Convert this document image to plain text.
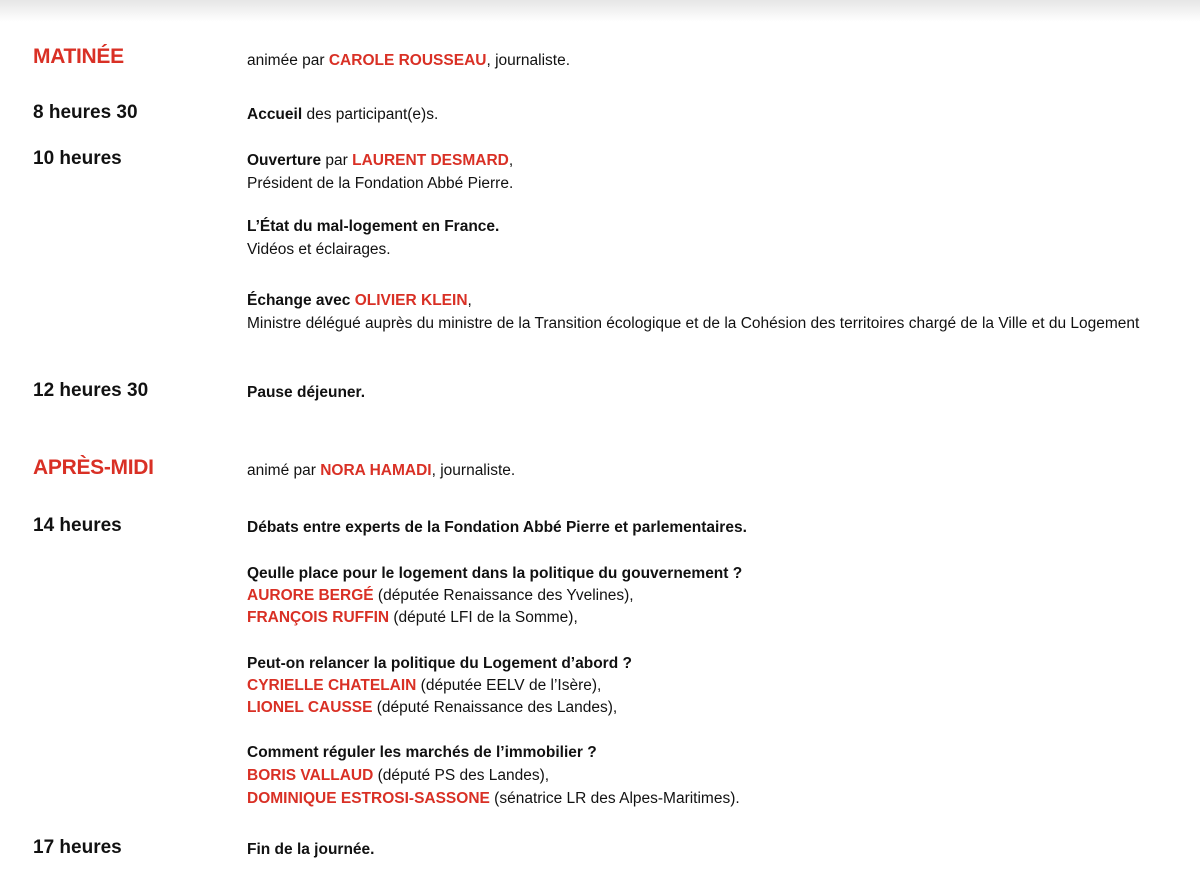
MATINÉE	animée par CAROLE ROUSSEAU, journaliste.
8 heures 30	Accueil des participant(e)s.
10 heures	Ouverture par LAURENT DESMARD,
Président de la Fondation Abbé Pierre.
L’État du mal-logement en France.
Vidéos et éclairages.
Échange avec OLIVIER KLEIN,
Ministre délégué auprès du ministre de la Transition écologique et de la Cohésion des territoires chargé de la Ville et du Logement
12 heures 30	Pause déjeuner.
APRÈS-MIDI	animé par NORA HAMADI, journaliste.
14 heures	Débats entre experts de la Fondation Abbé Pierre et parlementaires.
Qeulle place pour le logement dans la politique du gouvernement ?
AURORE BERGÉ (députée Renaissance des Yvelines),
FRANÇOIS RUFFIN (député LFI de la Somme),
Peut-on relancer la politique du Logement d’abord ?
CYRIELLE CHATELAIN (députée EELV de l’Isère),
LIONEL CAUSSE (député Renaissance des Landes),
Comment réguler les marchés de l’immobilier ?
BORIS VALLAUD (député PS des Landes),
DOMINIQUE ESTROSI-SASSONE (sénatrice LR des Alpes-Maritimes).
17 heures	Fin de la journée.
